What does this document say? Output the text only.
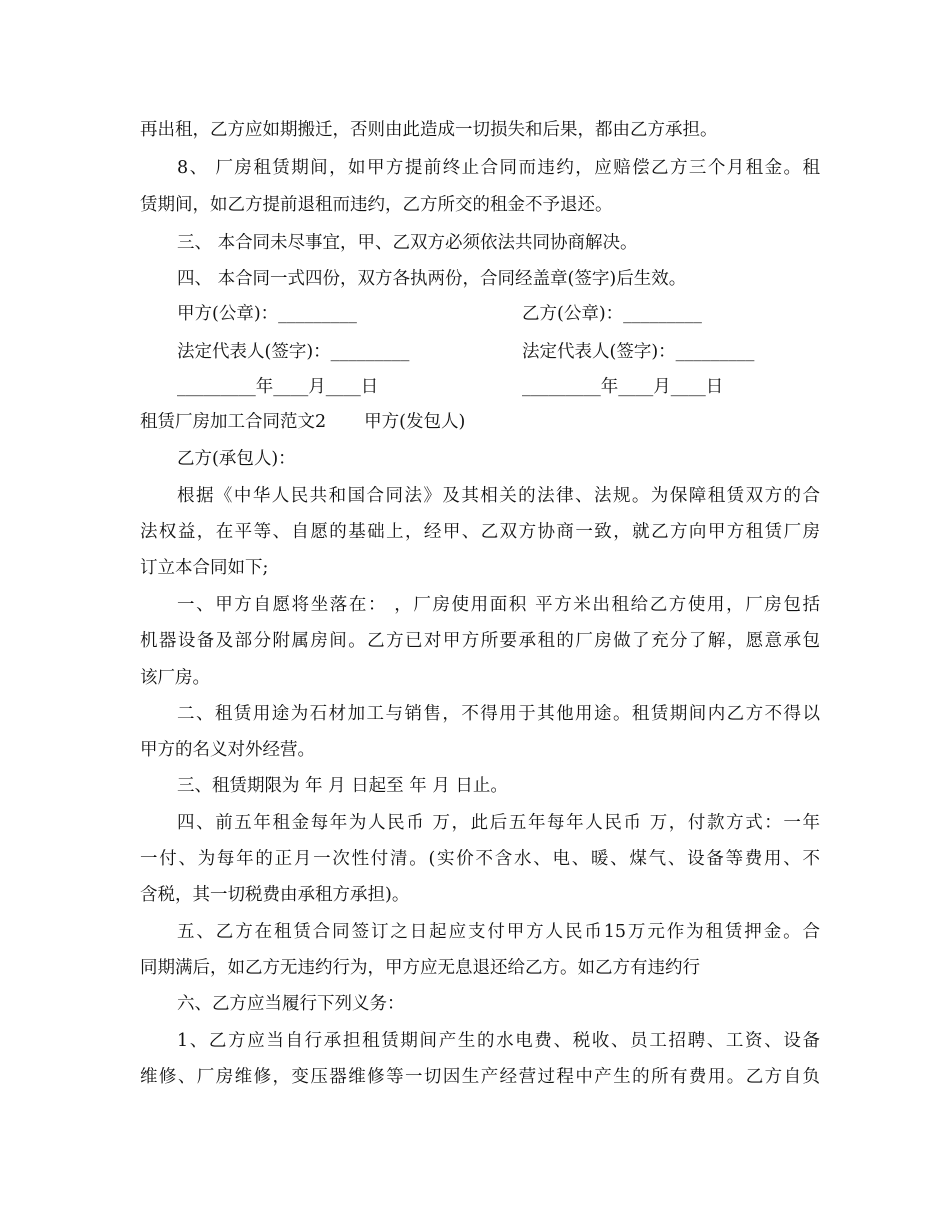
再出租，乙方应如期搬迁，否则由此造成一切损失和后果，都由乙方承担。
8、 厂房租赁期间，如甲方提前终止合同而违约，应赔偿乙方三个月租金。租
赁期间，如乙方提前退租而违约，乙方所交的租金不予退还。
三、 本合同未尽事宜，甲、乙双方必须依法共同协商解决。
四、 本合同一式四份，双方各执两份，合同经盖章(签字)后生效。
甲方(公章)：_________	乙方(公章)：_________
法定代表人(签字)：_________	法定代表人(签字)：_________
_________年____月____日	_________年____月____日
租赁厂房加工合同范文2 甲方(发包人)
乙方(承包人)：
根据《中华人民共和国合同法》及其相关的法律、法规。为保障租赁双方的合
法权益，在平等、自愿的基础上，经甲、乙双方协商一致，就乙方向甲方租赁厂房
订立本合同如下;
一、甲方自愿将坐落在： ，厂房使用面积 平方米出租给乙方使用，厂房包括
机器设备及部分附属房间。乙方已对甲方所要承租的厂房做了充分了解，愿意承包
该厂房。
二、租赁用途为石材加工与销售，不得用于其他用途。租赁期间内乙方不得以
甲方的名义对外经营。
三、租赁期限为 年 月 日起至 年 月 日止。
四、前五年租金每年为人民币 万，此后五年每年人民币 万，付款方式：一年
一付、为每年的正月一次性付清。(实价不含水、电、暖、煤气、设备等费用、不
含税，其一切税费由承租方承担)。
五、乙方在租赁合同签订之日起应支付甲方人民币15万元作为租赁押金。合
同期满后，如乙方无违约行为，甲方应无息退还给乙方。如乙方有违约行
六、乙方应当履行下列义务：
1、乙方应当自行承担租赁期间产生的水电费、税收、员工招聘、工资、设备
维修、厂房维修，变压器维修等一切因生产经营过程中产生的所有费用。乙方自负
